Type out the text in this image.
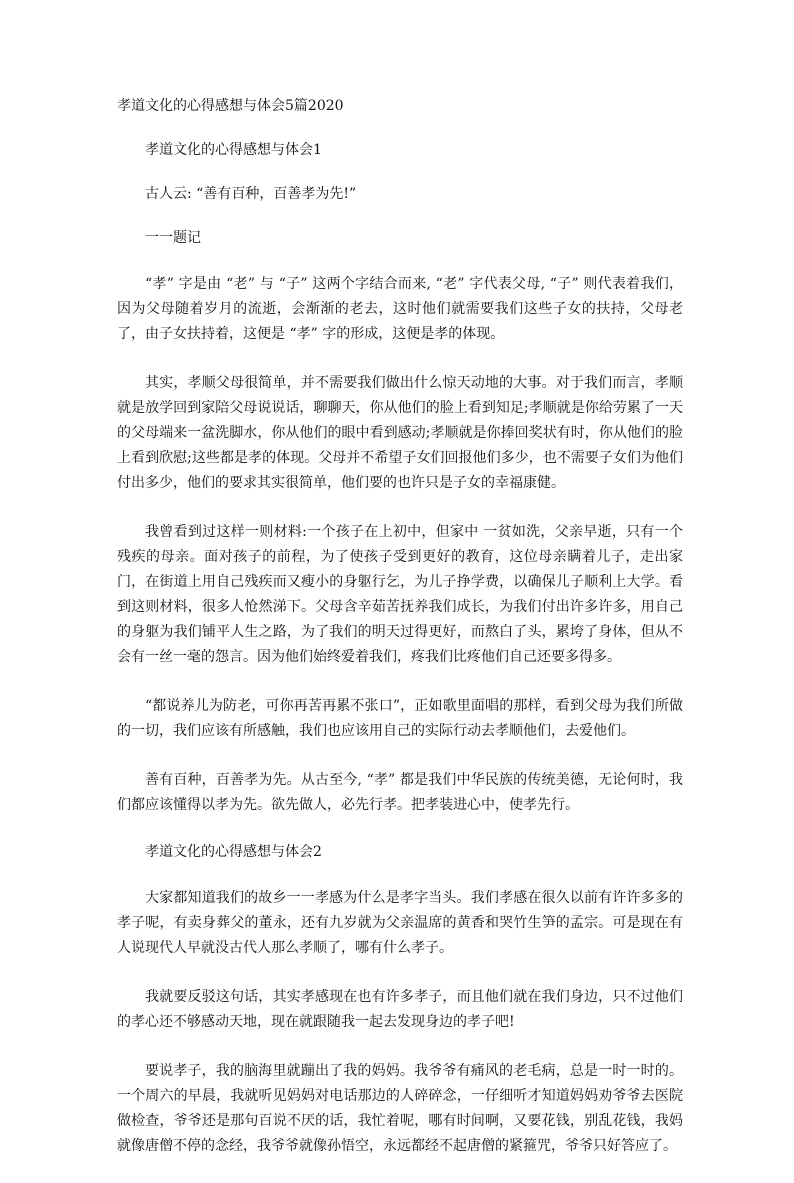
孝道文化的心得感想与体会5篇2020
孝道文化的心得感想与体会1

古人云: “善有百种，百善孝为先!”

一一题记

“孝” 字是由 “老” 与 “子” 这两个字结合而来, “老” 字代表父母, “子” 则代表着我们，因为父母随着岁月的流逝，会渐渐的老去，这时他们就需要我们这些子女的扶持，父母老了，由子女扶持着，这便是 “孝” 字的形成，这便是孝的体现。

其实，孝顺父母很简单，并不需要我们做出什么惊天动地的大事。对于我们而言，孝顺就是放学回到家陪父母说说话，聊聊天，你从他们的脸上看到知足;孝顺就是你给劳累了一天的父母端来一盆洗脚水，你从他们的眼中看到感动;孝顺就是你捧回奖状有时，你从他们的脸上看到欣慰;这些都是孝的体现。父母并不希望子女们回报他们多少，也不需要子女们为他们付出多少，他们的要求其实很简单，他们要的也许只是子女的幸福康健。

我曾看到过这样一则材料:一个孩子在上初中，但家中 一贫如洗，父亲早逝，只有一个残疾的母亲。面对孩子的前程，为了使孩子受到更好的教育，这位母亲瞒着儿子，走出家门，在街道上用自己残疾而又瘦小的身躯行乞，为儿子挣学费，以确保儿子顺利上大学。看到这则材料，很多人怆然涕下。父母含辛茹苦抚养我们成长，为我们付出许多许多，用自己的身躯为我们铺平人生之路，为了我们的明天过得更好，而熬白了头，累垮了身体，但从不会有一丝一毫的怨言。因为他们始终爱着我们，疼我们比疼他们自己还要多得多。

“都说养儿为防老，可你再苦再累不张口”，正如歌里面唱的那样，看到父母为我们所做的一切，我们应该有所感触，我们也应该用自己的实际行动去孝顺他们，去爱他们。

善有百种，百善孝为先。从古至今, “孝” 都是我们中华民族的传统美德，无论何时，我们都应该懂得以孝为先。欲先做人，必先行孝。把孝装进心中，使孝先行。

孝道文化的心得感想与体会2

大家都知道我们的故乡一一孝感为什么是孝字当头。我们孝感在很久以前有许许多多的孝子呢，有卖身葬父的董永，还有九岁就为父亲温席的黄香和哭竹生笋的孟宗。可是现在有人说现代人早就没古代人那么孝顺了，哪有什么孝子。

我就要反驳这句话，其实孝感现在也有许多孝子，而且他们就在我们身边，只不过他们的孝心还不够感动天地，现在就跟随我一起去发现身边的孝子吧!

要说孝子，我的脑海里就蹦出了我的妈妈。我爷爷有痛风的老毛病，总是一时一时的。一个周六的早晨，我就听见妈妈对电话那边的人碎碎念，一仔细听才知道妈妈劝爷爷去医院做检查，爷爷还是那句百说不厌的话，我忙着呢，哪有时间啊，又要花钱，别乱花钱，我妈就像唐僧不停的念经，我爷爷就像孙悟空，永远都经不起唐僧的紧箍咒，爷爷只好答应了。
